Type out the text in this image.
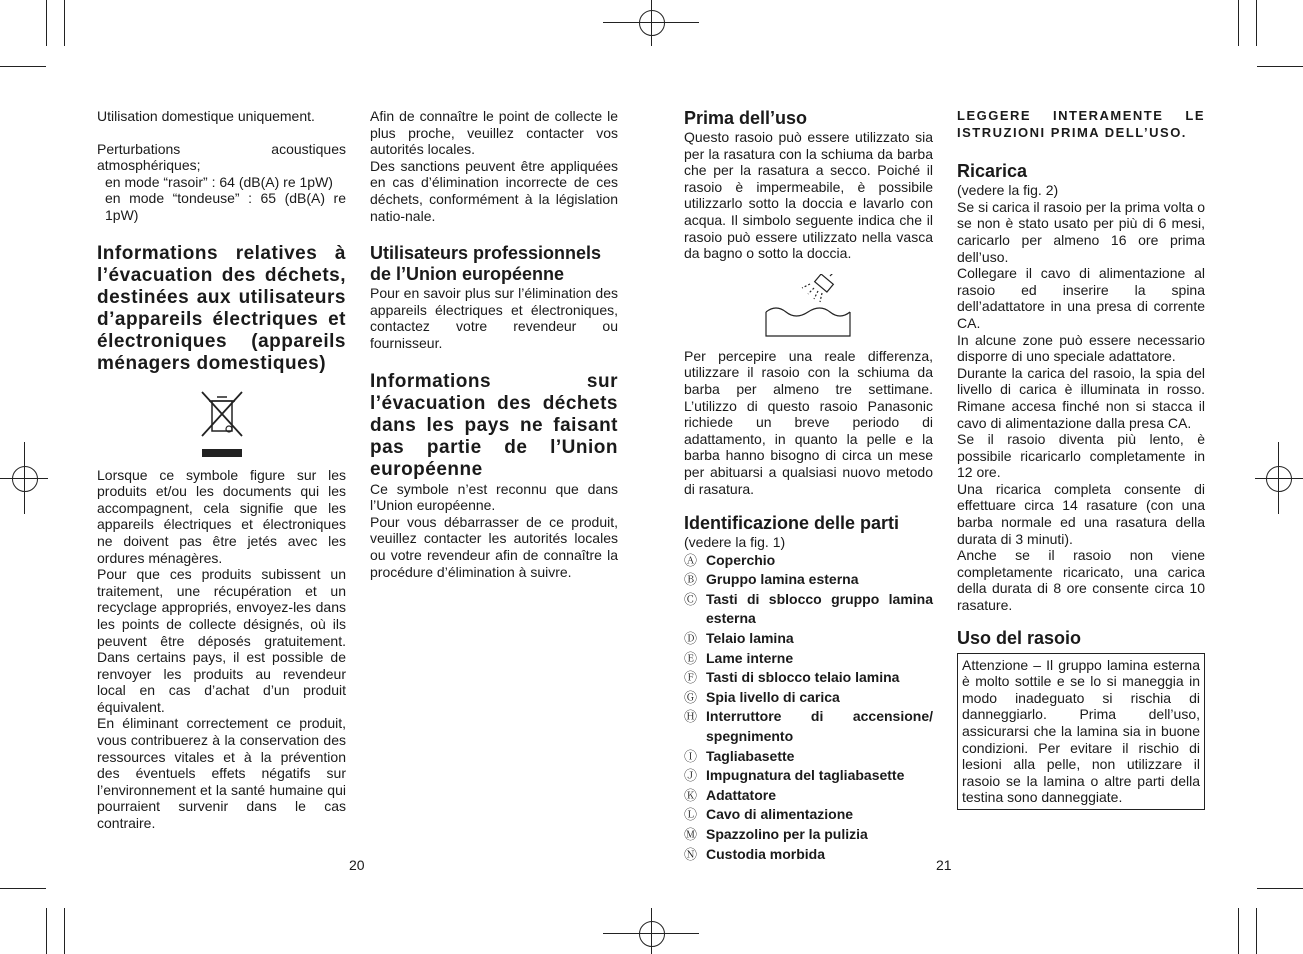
Utilisation domestique uniquement.

Perturbations acoustiques atmosphériques;

en mode “rasoir” : 64 (dB(A) re 1pW)

en mode “tondeuse” : 65 (dB(A) re 1pW)

Informations relatives à l’évacuation des déchets, destinées aux utilisateurs d’appareils électriques et électroniques (appareils ménagers domestiques)

Lorsque ce symbole figure sur les produits et/ou les documents qui les accompagnent, cela signifie que les appareils électriques et électroniques ne doivent pas être jetés avec les ordures ménagères.

Pour que ces produits subissent un traitement, une récupération et un recyclage appropriés, envoyez-les dans les points de collecte désignés, où ils peuvent être déposés gratuitement. Dans certains pays, il est possible de renvoyer les produits au revendeur local en cas d’achat d’un produit équivalent.

En éliminant correctement ce produit, vous contribuerez à la conservation des ressources vitales et à la prévention des éventuels effets négatifs sur l’environnement et la santé humaine qui pourraient survenir dans le cas contraire.

Afin de connaître le point de collecte le plus proche, veuillez contacter vos autorités locales.

Des sanctions peuvent être appliquées en cas d’élimination incorrecte de ces déchets, conformément à la législation natio-nale.

Utilisateurs professionnels de l’Union européenne

Pour en savoir plus sur l’élimination des appareils électriques et électroniques, contactez votre revendeur ou fournisseur.

Informations sur l’évacuation des déchets dans les pays ne faisant pas partie de l’Union européenne

Ce symbole n’est reconnu que dans l’Union européenne.

Pour vous débarrasser de ce produit, veuillez contacter les autorités locales ou votre revendeur afin de connaître la procédure d’élimination à suivre.

20

Prima dell’uso

Questo rasoio può essere utilizzato sia per la rasatura con la schiuma da barba che per la rasatura a secco. Poiché il rasoio è impermeabile, è possibile utilizzarlo sotto la doccia e lavarlo con acqua. Il simbolo seguente indica che il rasoio può essere utilizzato nella vasca da bagno o sotto la doccia.

Per percepire una reale differenza, utilizzare il rasoio con la schiuma da barba per almeno tre settimane. L’utilizzo di questo rasoio Panasonic richiede un breve periodo di adattamento, in quanto la pelle e la barba hanno bisogno di circa un mese per abituarsi a qualsiasi nuovo metodo di rasatura.

Identificazione delle parti

(vedere la fig. 1)

Ⓐ Coperchio
Ⓑ Gruppo lamina esterna
Ⓒ Tasti di sblocco gruppo lamina esterna
Ⓓ Telaio lamina
Ⓔ Lame interne
Ⓕ Tasti di sblocco telaio lamina
Ⓖ Spia livello di carica
Ⓗ Interruttore di accensione/ spegnimento
Ⓘ Tagliabasette
Ⓙ Impugnatura del tagliabasette
Ⓚ Adattatore
Ⓛ Cavo di alimentazione
Ⓜ Spazzolino per la pulizia
Ⓝ Custodia morbida

LEGGERE INTERAMENTE LE ISTRUZIONI PRIMA DELL’USO.

Ricarica

(vedere la fig. 2)

Se si carica il rasoio per la prima volta o se non è stato usato per più di 6 mesi, caricarlo per almeno 16 ore prima dell’uso.

Collegare il cavo di alimentazione al rasoio ed inserire la spina dell’adattatore in una presa di corrente CA.

In alcune zone può essere necessario disporre di uno speciale adattatore.

Durante la carica del rasoio, la spia del livello di carica è illuminata in rosso. Rimane accesa finché non si stacca il cavo di alimentazione dalla presa CA.

Se il rasoio diventa più lento, è possibile ricaricarlo completamente in 12 ore.

Una ricarica completa consente di effettuare circa 14 rasature (con una barba normale ed una rasatura della durata di 3 minuti).

Anche se il rasoio non viene completamente ricaricato, una carica della durata di 8 ore consente circa 10 rasature.

Uso del rasoio

Attenzione – Il gruppo lamina esterna è molto sottile e se lo si maneggia in modo inadeguato si rischia di danneggiarlo. Prima dell’uso, assicurarsi che la lamina sia in buone condizioni. Per evitare il rischio di lesioni alla pelle, non utilizzare il rasoio se la lamina o altre parti della testina sono danneggiate.

21
